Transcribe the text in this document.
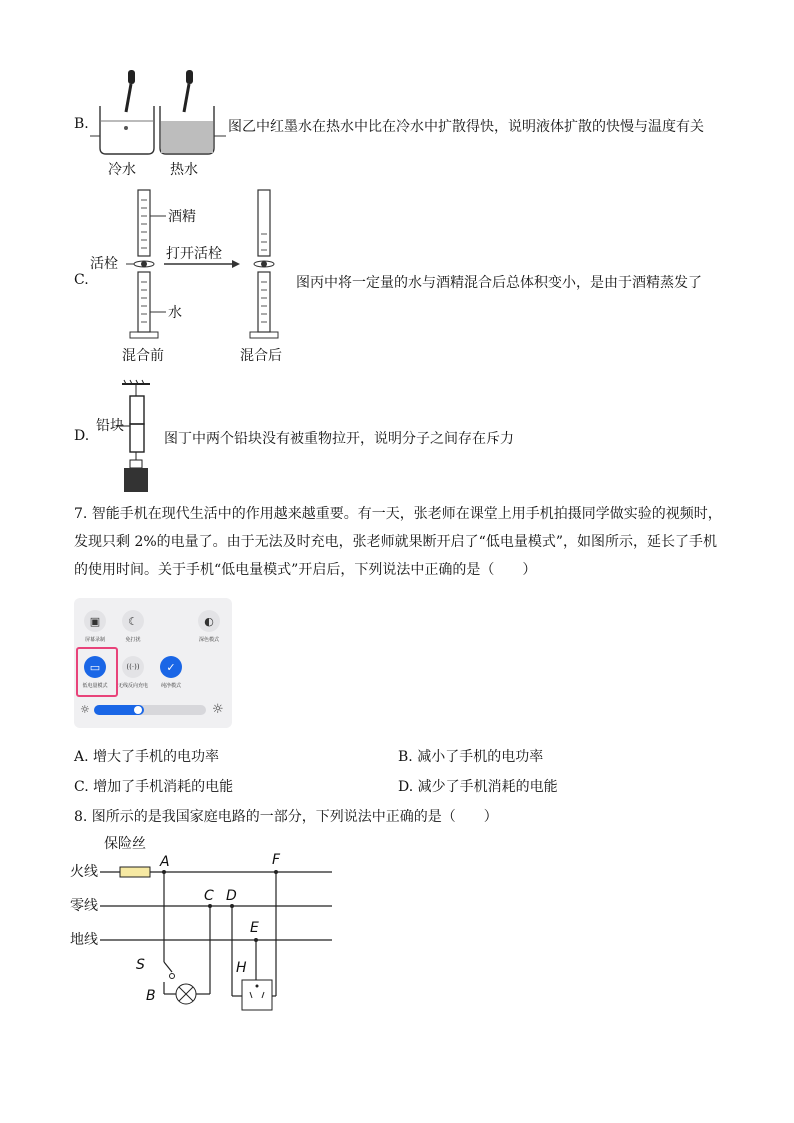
B.
冷水 热水
图乙中红墨水在热水中比在冷水中扩散得快，说明液体扩散的快慢与温度有关
C.
酒精
活栓
水
混合前
打开活栓
混合后
图丙中将一定量的水与酒精混合后总体积变小，是由于酒精蒸发了
D.
铅块
图丁中两个铅块没有被重物拉开，说明分子之间存在斥力
7. 智能手机在现代生活中的作用越来越重要。有一天，张老师在课堂上用手机拍摄同学做实验的视频时，
发现只剩 2%的电量了。由于无法及时充电，张老师就果断开启了“低电量模式”，如图所示，延长了手机
的使用时间。关于手机“低电量模式”开启后，下列说法中正确的是（　　）
▣
屏幕录制
☾
免打扰
◐
深色模式
▭
低电量模式
((·))
无线反向充电
✓
纯净模式
☼	☼
A. 增大了手机的电功率	B. 减小了手机的电功率
C. 增加了手机消耗的电能	D. 减少了手机消耗的电能
8. 图所示的是我国家庭电路的一部分，下列说法中正确的是（　　）
保险丝
火线
零线
地线
A
C D
E
F
S
B
H
